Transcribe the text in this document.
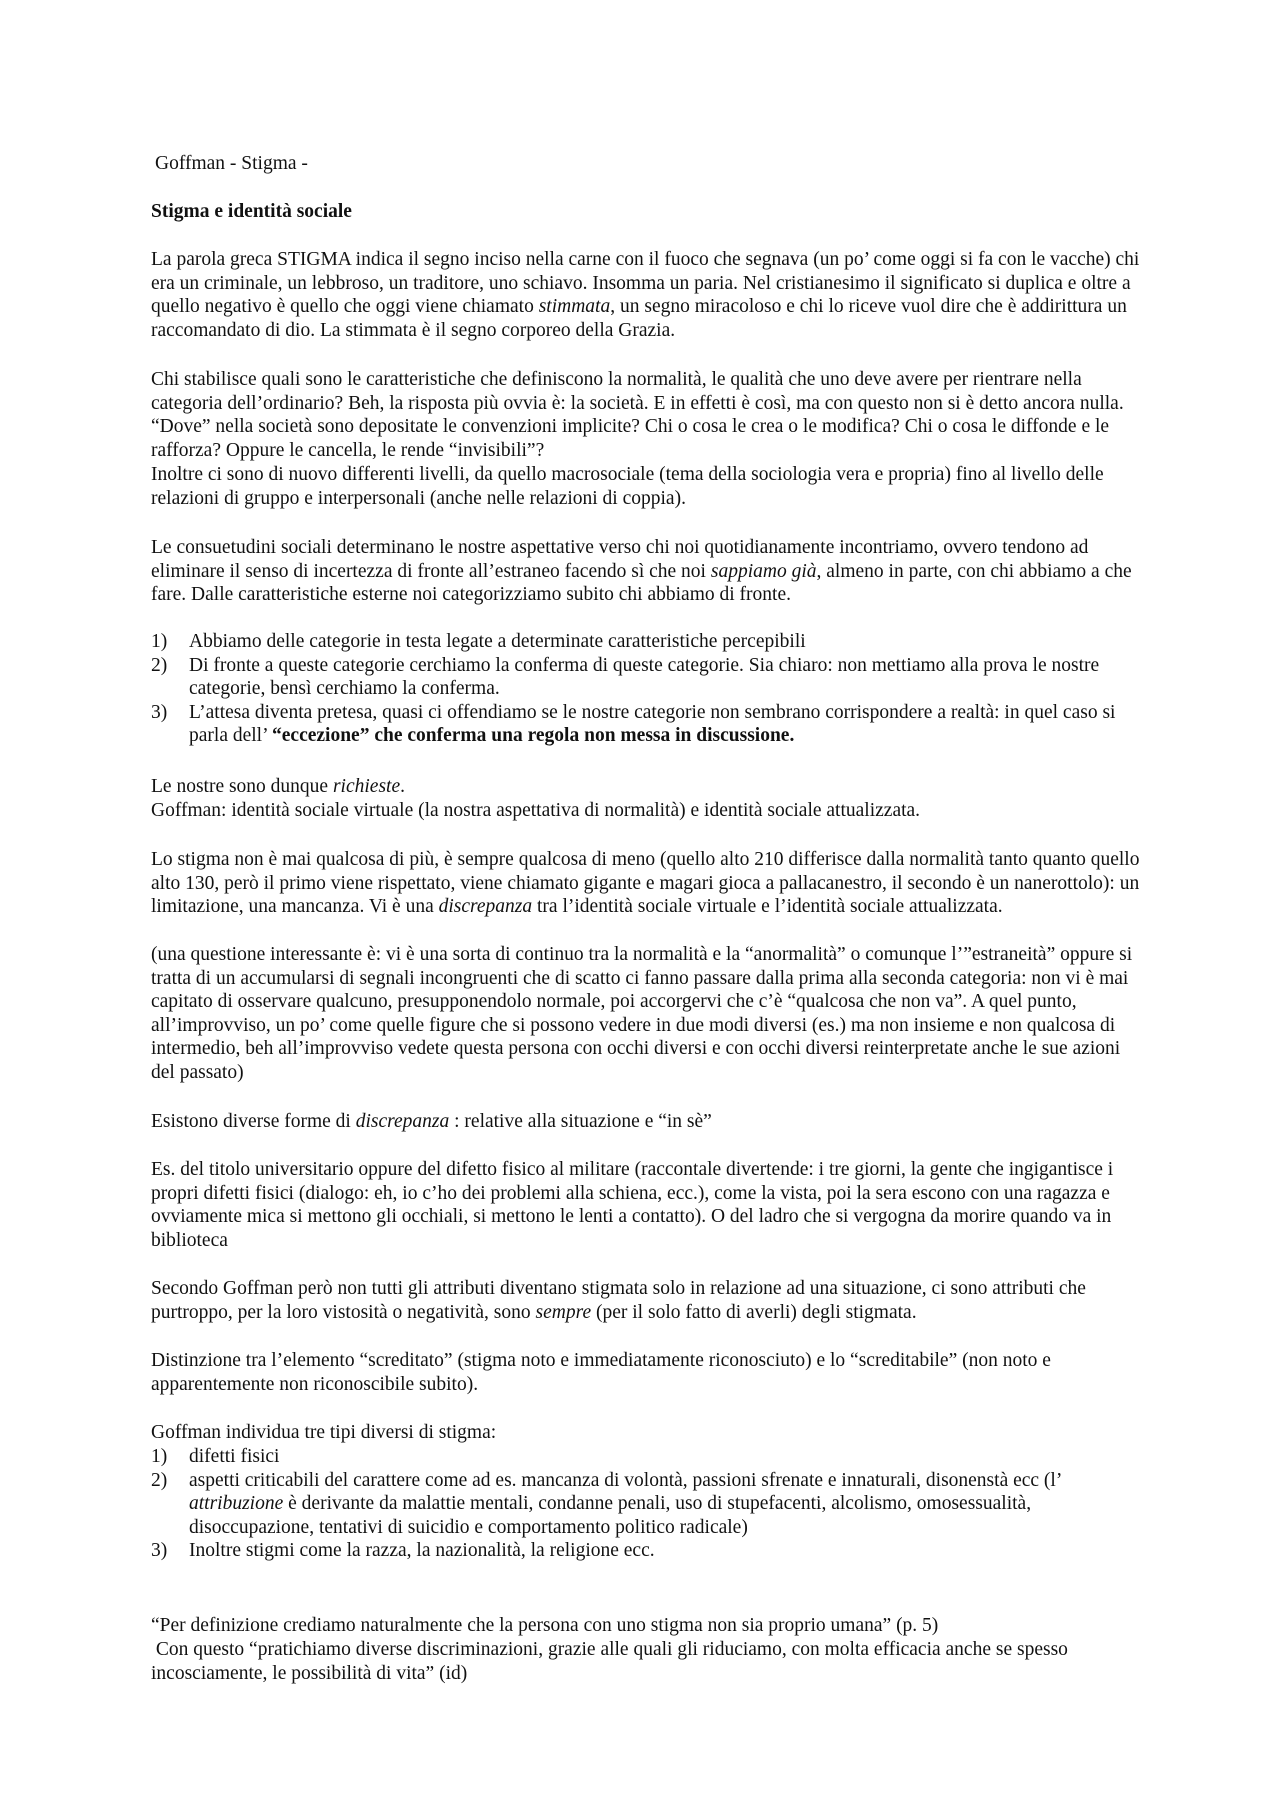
Goffman - Stigma -

Stigma e identità sociale

La parola greca STIGMA indica il segno inciso nella carne con il fuoco che segnava (un po’ come oggi si fa con le vacche) chi era un criminale, un lebbroso, un traditore, uno schiavo. Insomma un paria. Nel cristianesimo il significato si duplica e oltre a quello negativo è quello che oggi viene chiamato stimmata, un segno miracoloso e chi lo riceve vuol dire che è addirittura un raccomandato di dio. La stimmata è il segno corporeo della Grazia.

Chi stabilisce quali sono le caratteristiche che definiscono la normalità, le qualità che uno deve avere per rientrare nella categoria dell’ordinario? Beh, la risposta più ovvia è: la società. E in effetti è così, ma con questo non si è detto ancora nulla. “Dove” nella società sono depositate le convenzioni implicite? Chi o cosa le crea o le modifica? Chi o cosa le diffonde e le rafforza? Oppure le cancella, le rende “invisibili”?

Inoltre ci sono di nuovo differenti livelli, da quello macrosociale (tema della sociologia vera e propria) fino al livello delle relazioni di gruppo e interpersonali (anche nelle relazioni di coppia).

Le consuetudini sociali determinano le nostre aspettative verso chi noi quotidianamente incontriamo, ovvero tendono ad eliminare il senso di incertezza di fronte all’estraneo facendo sì che noi sappiamo già, almeno in parte, con chi abbiamo a che fare. Dalle caratteristiche esterne noi categorizziamo subito chi abbiamo di fronte.

1)	Abbiamo delle categorie in testa legate a determinate caratteristiche percepibili
2)	Di fronte a queste categorie cerchiamo la conferma di queste categorie. Sia chiaro: non mettiamo alla prova le nostre categorie, bensì cerchiamo la conferma.
3)	L’attesa diventa pretesa, quasi ci offendiamo se le nostre categorie non sembrano corrispondere a realtà: in quel caso si parla dell’ “eccezione” che conferma una regola non messa in discussione.

Le nostre sono dunque richieste.

Goffman: identità sociale virtuale (la nostra aspettativa di normalità) e identità sociale attualizzata.

Lo stigma non è mai qualcosa di più, è sempre qualcosa di meno (quello alto 210 differisce dalla normalità tanto quanto quello alto 130, però il primo viene rispettato, viene chiamato gigante e magari gioca a pallacanestro, il secondo è un nanerottolo): un limitazione, una mancanza. Vi è una discrepanza tra l’identità sociale virtuale e l’identità sociale attualizzata.

(una questione interessante è: vi è una sorta di continuo tra la normalità e la “anormalità” o comunque l’”estraneità” oppure si tratta di un accumularsi di segnali incongruenti che di scatto ci fanno passare dalla prima alla seconda categoria: non vi è mai capitato di osservare qualcuno, presupponendolo normale, poi accorgervi che c’è “qualcosa che non va”. A quel punto, all’improvviso, un po’ come quelle figure che si possono vedere in due modi diversi (es.) ma non insieme e non qualcosa di intermedio, beh all’improvviso vedete questa persona con occhi diversi e con occhi diversi reinterpretate anche le sue azioni del passato)

Esistono diverse forme di discrepanza : relative alla situazione e “in sè”

Es. del titolo universitario oppure del difetto fisico al militare (raccontale divertende: i tre giorni, la gente che ingigantisce i propri difetti fisici (dialogo: eh, io c’ho dei problemi alla schiena, ecc.), come la vista, poi la sera escono con una ragazza e ovviamente mica si mettono gli occhiali, si mettono le lenti a contatto). O del ladro che si vergogna da morire quando va in biblioteca

Secondo Goffman però non tutti gli attributi diventano stigmata solo in relazione ad una situazione, ci sono attributi che purtroppo, per la loro vistosità o negatività, sono sempre (per il solo fatto di averli) degli stigmata.

Distinzione tra l’elemento “screditato” (stigma noto e immediatamente riconosciuto) e lo “screditabile” (non noto e apparentemente non riconoscibile subito).

Goffman individua tre tipi diversi di stigma:

1)	difetti fisici
2)	aspetti criticabili del carattere come ad es. mancanza di volontà, passioni sfrenate e innaturali, disonenstà ecc (l’ attribuzione è derivante da malattie mentali, condanne penali, uso di stupefacenti, alcolismo, omosessualità, disoccupazione, tentativi di suicidio e comportamento politico radicale)
3)	Inoltre stigmi come la razza, la nazionalità, la religione ecc.

“Per definizione crediamo naturalmente che la persona con uno stigma non sia proprio umana” (p. 5)

Con questo “pratichiamo diverse discriminazioni, grazie alle quali gli riduciamo, con molta efficacia anche se spesso incosciamente, le possibilità di vita” (id)
